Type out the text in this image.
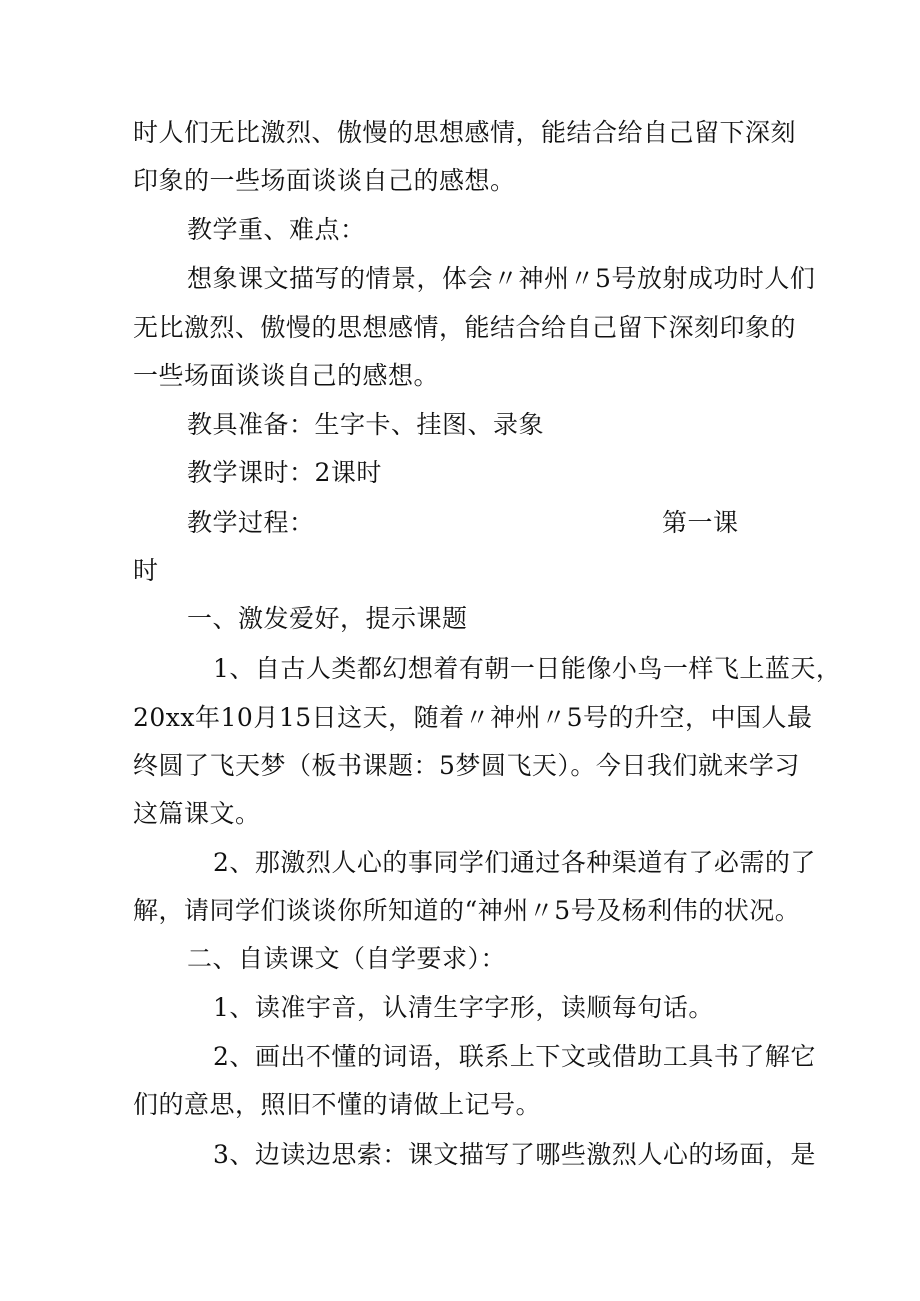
时人们无比激烈、傲慢的思想感情，能结合给自己留下深刻
印象的一些场面谈谈自己的感想。
教学重、难点：
想象课文描写的情景，体会〃神州〃5号放射成功时人们
无比激烈、傲慢的思想感情，能结合给自己留下深刻印象的
一些场面谈谈自己的感想。
教具准备：生字卡、挂图、录象
教学课时：2课时
教学过程：	第一课
时
一、激发爱好，提示课题
1、自古人类都幻想着有朝一日能像小鸟一样飞上蓝天，
20xx年10月15日这天，随着〃神州〃5号的升空，中国人最
终圆了飞天梦（板书课题：5梦圆飞天）。今日我们就来学习
这篇课文。
2、那激烈人心的事同学们通过各种渠道有了必需的了
解，请同学们谈谈你所知道的“神州〃5号及杨利伟的状况。
二、自读课文（自学要求）：
1、读准宇音，认清生字字形，读顺每句话。
2、画出不懂的词语，联系上下文或借助工具书了解它
们的意思，照旧不懂的请做上记号。
3、边读边思索：课文描写了哪些激烈人心的场面，是
